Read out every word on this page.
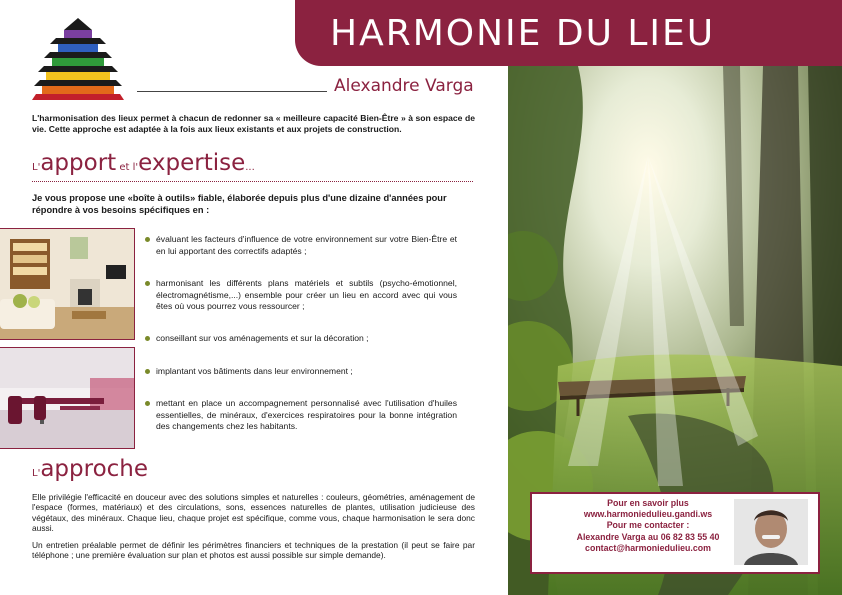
HARMONIE DU LIEU
Alexandre Varga
L'harmonisation des lieux permet à chacun de redonner sa « meilleure capacité Bien-Être » à son espace de vie. Cette approche est adaptée à la fois aux lieux existants et aux projets de construction.
L'apport et l'expertise...
Je vous propose une «boîte à outils» fiable, élaborée depuis plus d'une dizaine d'années pour répondre à vos besoins spécifiques en :
évaluant les facteurs d'influence de votre environnement sur votre Bien-Être et en lui apportant des correctifs adaptés ;
harmonisant les différents plans matériels et subtils (psycho-émotionnel, électromagnétisme,...) ensemble pour créer un lieu en accord avec qui vous êtes où vous pourrez vous ressourcer ;
conseillant sur vos aménagements et sur la décoration ;
implantant vos bâtiments dans leur environnement ;
mettant en place un accompagnement personnalisé avec l'utilisation d'huiles essentielles, de minéraux, d'exercices respiratoires pour la bonne intégration des changements chez les habitants.
L'approche
Elle privilégie l'efficacité en douceur avec des solutions simples et naturelles : couleurs, géométries, aménagement de l'espace (formes, matériaux) et des circulations, sons, essences naturelles de plantes, utilisation judicieuse des végétaux, des minéraux. Chaque lieu, chaque projet est spécifique, comme vous, chaque harmonisation le sera donc aussi.
Un entretien préalable permet de définir les périmètres financiers et techniques de la prestation (il peut se faire par téléphone ; une première évaluation sur plan et photos est aussi possible sur simple demande).
Pour en savoir plus
www.harmoniedulieu.gandi.ws
Pour me contacter :
Alexandre Varga au 06 82 83 55 40
contact@harmoniedulieu.com
